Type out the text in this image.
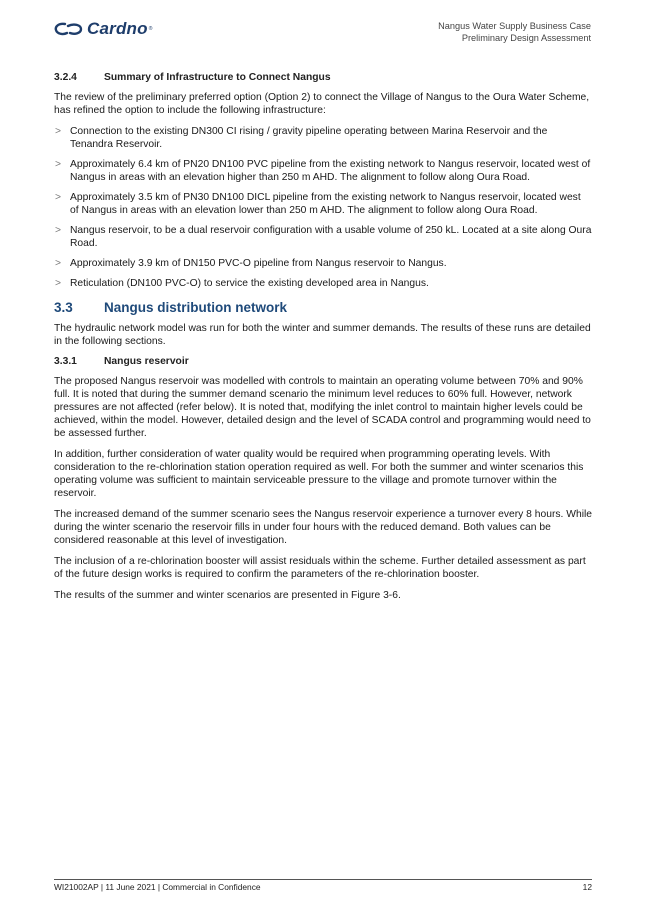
Cardno ®	Nangus Water Supply Business Case
Preliminary Design Assessment
3.2.4	Summary of Infrastructure to Connect Nangus

The review of the preliminary preferred option (Option 2) to connect the Village of Nangus to the Oura Water Scheme, has refined the option to include the following infrastructure:

> Connection to the existing DN300 CI rising / gravity pipeline operating between Marina Reservoir and the Tenandra Reservoir.
> Approximately 6.4 km of PN20 DN100 PVC pipeline from the existing network to Nangus reservoir, located west of Nangus in areas with an elevation higher than 250 m AHD. The alignment to follow along Oura Road.
> Approximately 3.5 km of PN30 DN100 DICL pipeline from the existing network to Nangus reservoir, located west of Nangus in areas with an elevation lower than 250 m AHD. The alignment to follow along Oura Road.
> Nangus reservoir, to be a dual reservoir configuration with a usable volume of 250 kL. Located at a site along Oura Road.
> Approximately 3.9 km of DN150 PVC-O pipeline from Nangus reservoir to Nangus.
> Reticulation (DN100 PVC-O) to service the existing developed area in Nangus.
3.3	Nangus distribution network

The hydraulic network model was run for both the winter and summer demands. The results of these runs are detailed in the following sections.

3.3.1	Nangus reservoir

The proposed Nangus reservoir was modelled with controls to maintain an operating volume between 70% and 90% full. It is noted that during the summer demand scenario the minimum level reduces to 60% full. However, network pressures are not affected (refer below). It is noted that, modifying the inlet control to maintain higher levels could be achieved, within the model. However, detailed design and the level of SCADA control and programming would need to be assessed further.

In addition, further consideration of water quality would be required when programming operating levels. With consideration to the re-chlorination station operation required as well. For both the summer and winter scenarios this operating volume was sufficient to maintain serviceable pressure to the village and promote turnover within the reservoir.

The increased demand of the summer scenario sees the Nangus reservoir experience a turnover every 8 hours. While during the winter scenario the reservoir fills in under four hours with the reduced demand. Both values can be considered reasonable at this level of investigation.

The inclusion of a re-chlorination booster will assist residuals within the scheme. Further detailed assessment as part of the future design works is required to confirm the parameters of the re-chlorination booster.

The results of the summer and winter scenarios are presented in Figure 3-6.

WI21002AP | 11 June 2021 | Commercial in Confidence	12
